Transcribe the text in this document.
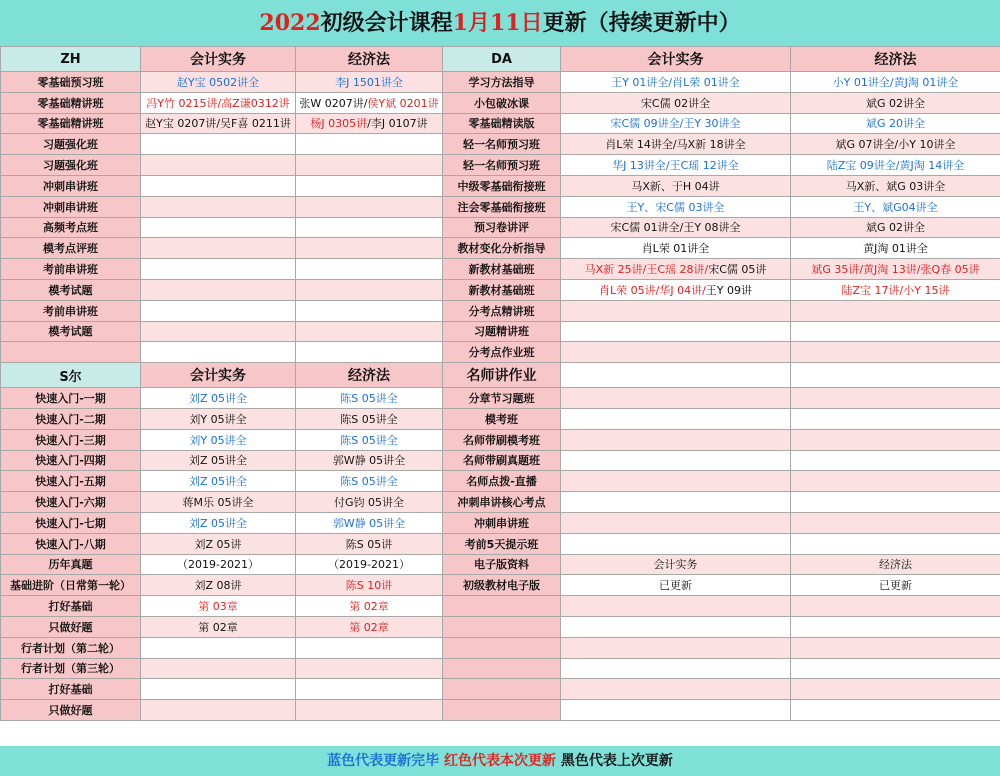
2022初级会计课程1月11日更新（持续更新中）
ZH	会计实务	经济法	DA	会计实务	经济法
零基础预习班	赵Y宝 0502讲全	李J 1501讲全	学习方法指导	王Y 01讲全/肖L荣 01讲全	小Y 01讲全/黄J淘 01讲全
零基础精讲班	冯Y竹 0215讲/高Z谦0312讲	张W 0207讲/侯Y斌 0201讲	小包破冰课	宋C儒 02讲全	斌G 02讲全
零基础精讲班	赵Y宝 0207讲/吴F喜 0211讲	杨J 0305讲/李J 0107讲	零基础精读版	宋C儒 09讲全/王Y 30讲全	斌G 20讲全
习题强化班			轻一名师预习班	肖L荣 14讲全/马X新 18讲全	斌G 07讲全/小Y 10讲全
习题强化班			轻一名师预习班	华J 13讲全/王C瑶 12讲全	陆Z宝 09讲全/黄J淘 14讲全
冲刺串讲班			中级零基础衔接班	马X新、于H 04讲	马X新、斌G 03讲全
冲刺串讲班			注会零基础衔接班	王Y、宋C儒 03讲全	王Y、斌G04讲全
高频考点班			预习卷讲评	宋C儒 01讲全/王Y 08讲全	斌G 02讲全
模考点评班			教材变化分析指导	肖L荣 01讲全	黄J淘 01讲全
考前串讲班			新教材基础班	马X新 25讲/王C瑶 28讲/宋C儒 05讲	斌G 35讲/黄J淘 13讲/张Q春 05讲
模考试题			新教材基础班	肖L荣 05讲/华J 04讲/王Y 09讲	陆Z宝 17讲/小Y 15讲
考前串讲班			分考点精讲班		
模考试题			习题精讲班		
			分考点作业班		
S尔	会计实务	经济法	名师讲作业		
快速入门-一期	刘Z 05讲全	陈S 05讲全	分章节习题班		
快速入门-二期	刘Y 05讲全	陈S 05讲全	模考班		
快速入门-三期	刘Y 05讲全	陈S 05讲全	名师带刷模考班		
快速入门-四期	刘Z 05讲全	郭W静 05讲全	名师带刷真题班		
快速入门-五期	刘Z 05讲全	陈S 05讲全	名师点拨-直播		
快速入门-六期	蒋M乐 05讲全	付G钧 05讲全	冲刺串讲核心考点		
快速入门-七期	刘Z 05讲全	郭W静 05讲全	冲刺串讲班		
快速入门-八期	刘Z 05讲	陈S 05讲	考前5天提示班		
历年真题	（2019-2021）	（2019-2021）	电子版资料	会计实务	经济法
基础进阶（日常第一轮）	刘Z 08讲	陈S 10讲	初级教材电子版	已更新	已更新
打好基础	第 03章	第 02章			
只做好题	第 02章	第 02章			
行者计划（第二轮）					
行者计划（第三轮）					
打好基础					
只做好题					
蓝色代表更新完毕 红色代表本次更新 黑色代表上次更新
